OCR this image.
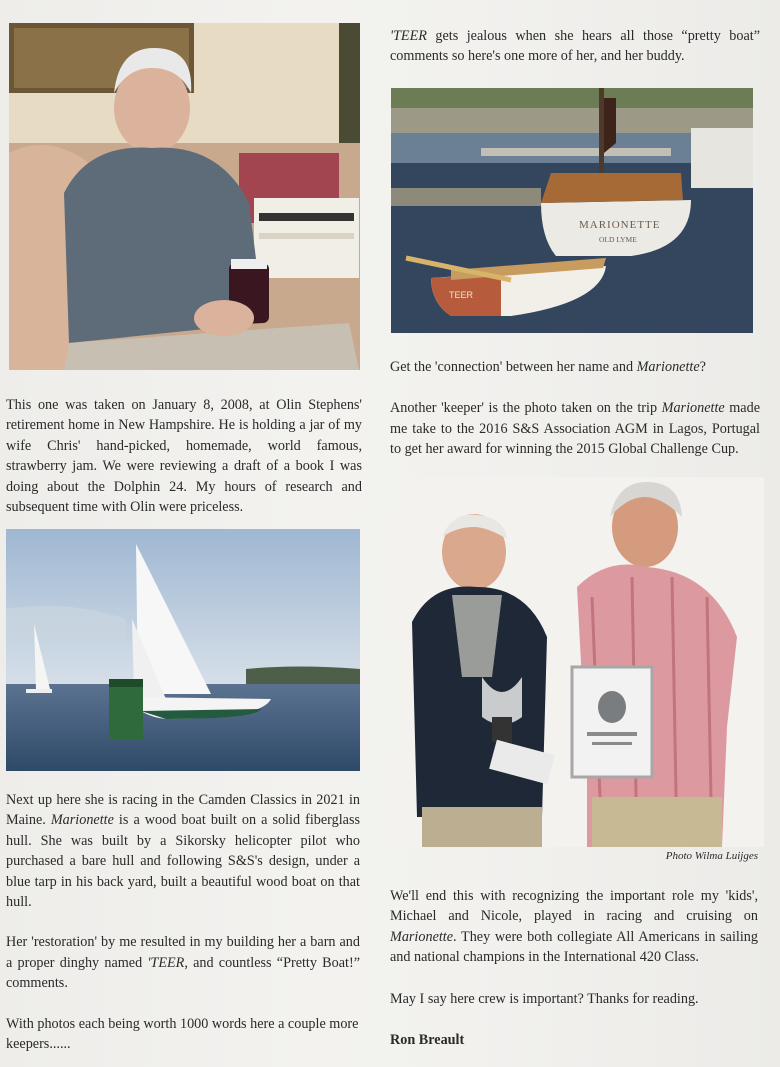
This one was taken on January 8, 2008, at Olin Stephens' retirement home in New Hampshire. He is holding a jar of my wife Chris' hand-picked, homemade, world famous, strawberry jam. We were reviewing a draft of a book I was doing about the Dolphin 24. My hours of research and subsequent time with Olin were priceless.

Next up here she is racing in the Camden Classics in 2021 in Maine. Marionette is a wood boat built on a solid fiberglass hull. She was built by a Sikorsky helicopter pilot who purchased a bare hull and following S&S's design, under a blue tarp in his back yard, built a beautiful wood boat on that hull.

Her 'restoration' by me resulted in my building her a barn and a proper dinghy named 'TEER, and countless “Pretty Boat!” comments.

With photos each being worth 1000 words here a couple more keepers......

'TEER gets jealous when she hears all those “pretty boat” comments so here's one more of her, and her buddy.

MARIONETTE
OLD LYME
TEER

Get the 'connection' between her name and Marionette?

Another 'keeper' is the photo taken on the trip Marionette made me take to the 2016 S&S Association AGM in Lagos, Portugal to get her award for winning the 2015 Global Challenge Cup.

Photo Wilma Luijges

We'll end this with recognizing the important role my 'kids', Michael and Nicole, played in racing and cruising on Marionette. They were both collegiate All Americans in sailing and national champions in the International 420 Class.

May I say here crew is important? Thanks for reading.

Ron Breault
